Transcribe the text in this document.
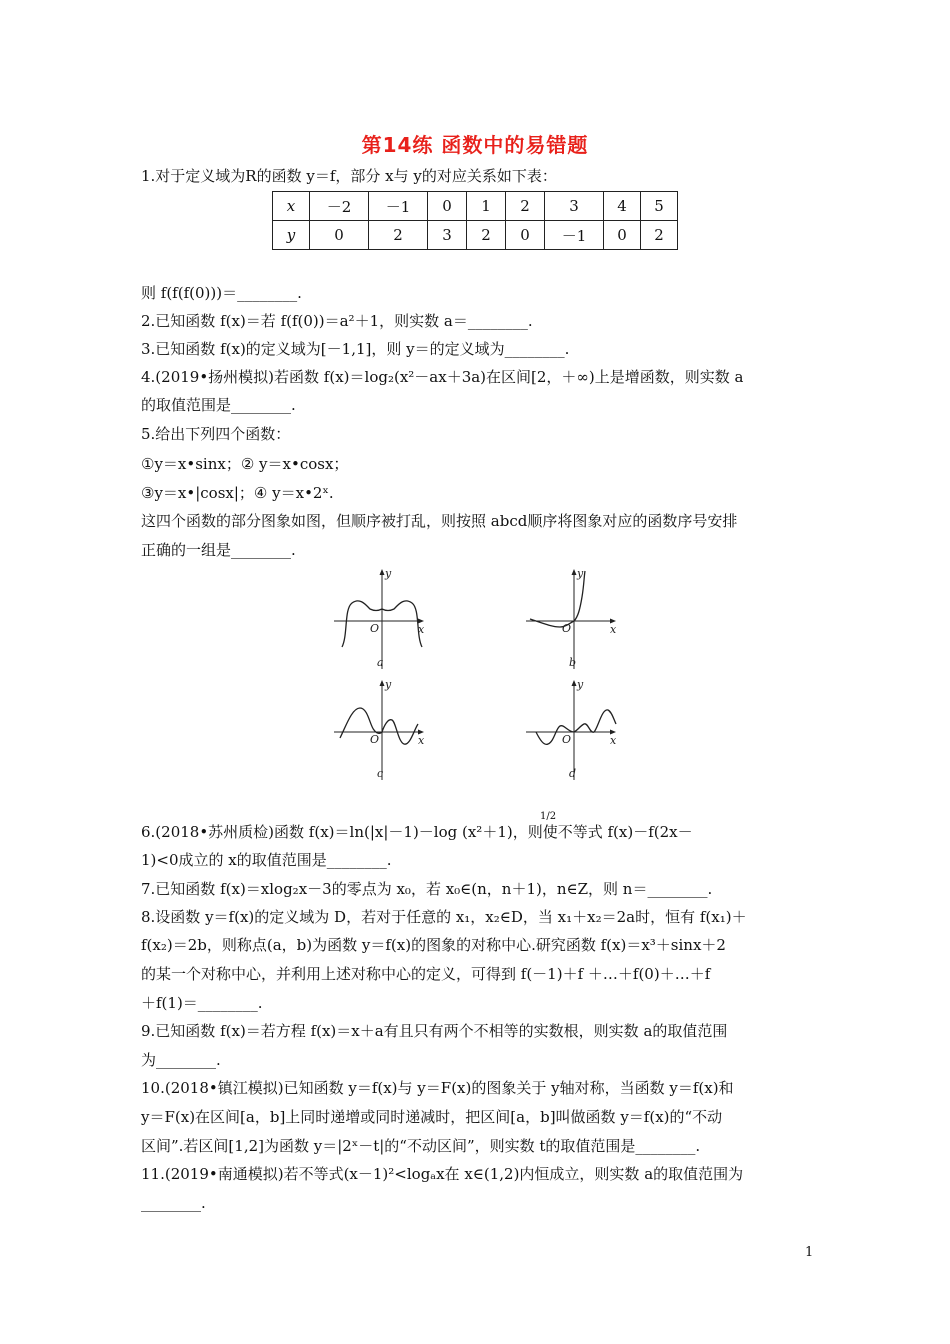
第14练 函数中的易错题
1.对于定义域为R的函数 y＝f，部分 x与 y的对应关系如下表：
x	－2	－1	0	1	2	3	4	5
y	0	2	3	2	0	－1	0	2
则 f(f(f(0)))＝________.
2.已知函数 f(x)＝若 f(f(0))＝a²＋1，则实数 a＝________.
3.已知函数 f(x)的定义域为[－1,1]，则 y＝的定义域为________.
4.(2019•扬州模拟)若函数 f(x)＝log₂(x²－ax＋3a)在区间[2，＋∞)上是增函数，则实数 a
的取值范围是________.
5.给出下列四个函数：
①y＝x•sinx；② y＝x•cosx；
③y＝x•|cosx|；④ y＝x•2ˣ.
这四个函数的部分图象如图，但顺序被打乱，则按照 abcd顺序将图象对应的函数序号安排
正确的一组是________.
y
x
O
a
y
x
O
b
y
x
O
c
y
x
O
d
1/2
6.(2018•苏州质检)函数 f(x)＝ln(|x|－1)－log (x²＋1)，则使不等式 f(x)－f(2x－
1)<0成立的 x的取值范围是________.
7.已知函数 f(x)＝xlog₂x－3的零点为 x₀，若 x₀∈(n，n＋1)，n∈Z，则 n＝________.
8.设函数 y＝f(x)的定义域为 D，若对于任意的 x₁，x₂∈D，当 x₁＋x₂＝2a时，恒有 f(x₁)＋
f(x₂)＝2b，则称点(a，b)为函数 y＝f(x)的图象的对称中心.研究函数 f(x)＝x³＋sinx＋2
的某一个对称中心，并利用上述对称中心的定义，可得到 f(－1)＋f ＋…＋f(0)＋…＋f
＋f(1)＝________.
9.已知函数 f(x)＝若方程 f(x)＝x＋a有且只有两个不相等的实数根，则实数 a的取值范围
为________.
10.(2018•镇江模拟)已知函数 y＝f(x)与 y＝F(x)的图象关于 y轴对称，当函数 y＝f(x)和
y＝F(x)在区间[a，b]上同时递增或同时递减时，把区间[a，b]叫做函数 y＝f(x)的“不动
区间”.若区间[1,2]为函数 y＝|2ˣ－t|的“不动区间”，则实数 t的取值范围是________.
11.(2019•南通模拟)若不等式(x－1)²<logₐx在 x∈(1,2)内恒成立，则实数 a的取值范围为
________.
1
